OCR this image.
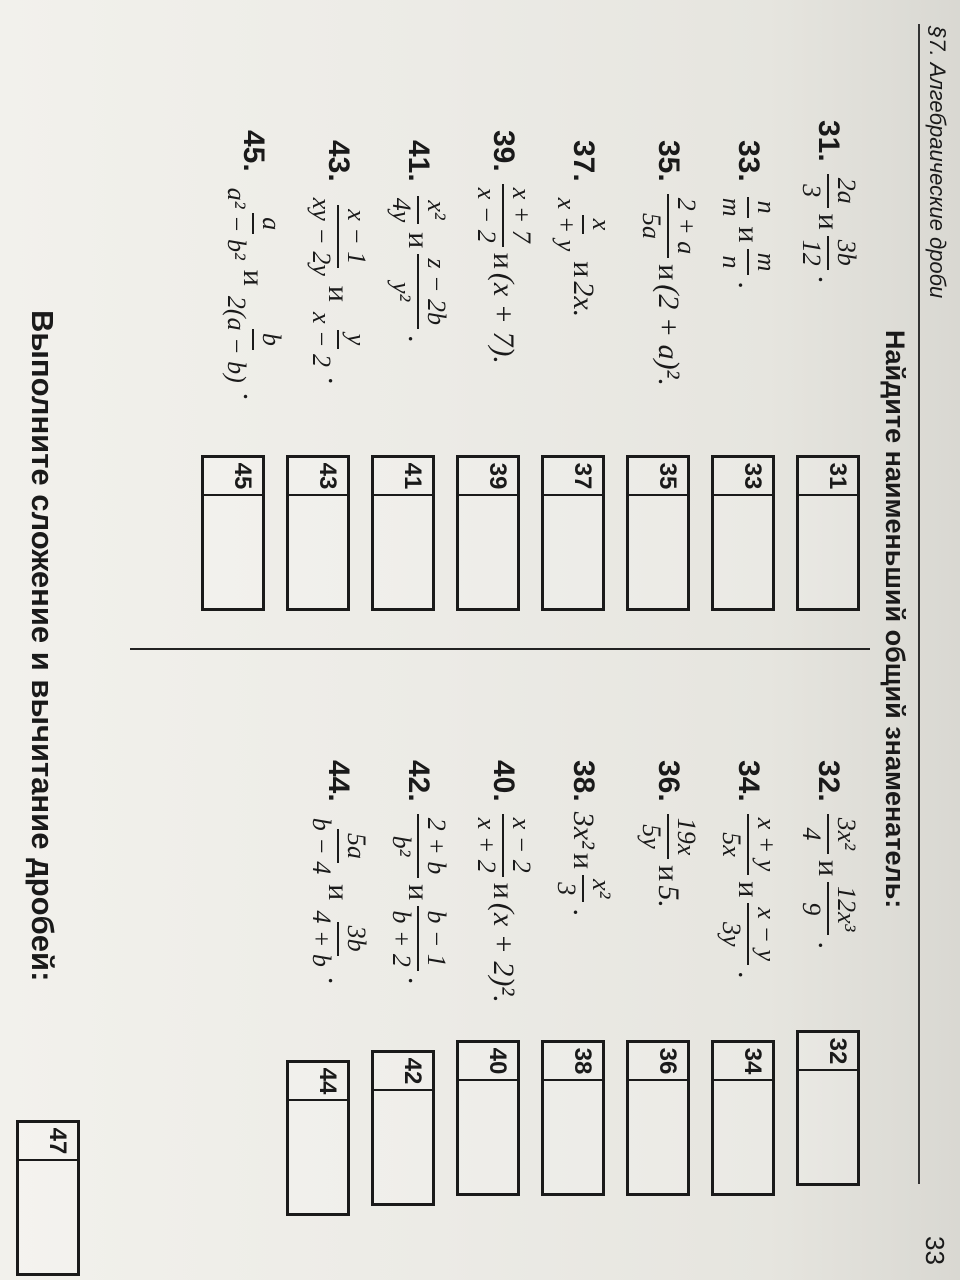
§7. Алгебраические дроби
33
Найдите наименьший общий знаменатель:
31.
2a
3
и
3b
12
.
32.
3x²
4
и
12x³
9
.
33.
n
m
и
m
n
.
34.
x + y
5x
и
x − y
3y
.
35.
2 + a
5a
и
(2 + a)².
36.
19x
5y
и
5.
37.
x
x + y
и
2x.
38.
3x²
и
x²
3
.
39.
x + 7
x − 2
и
(x + 7).
40.
x − 2
x + 2
и
(x + 2)².
41.
x²
4y
и
z − 2b
y²
.
42.
2 + b
b²
и
b − 1
b + 2
.
43.
x − 1
xy − 2y
и
y
x − 2
.
44.
5a
b − 4
и
3b
4 + b
.
45.
a
a² − b²
и
b
2(a − b)
.
31
32
33
34
35
36
37
38
39
40
41
42
43
44
45
47
Выполните сложение и вычитание дробей:
